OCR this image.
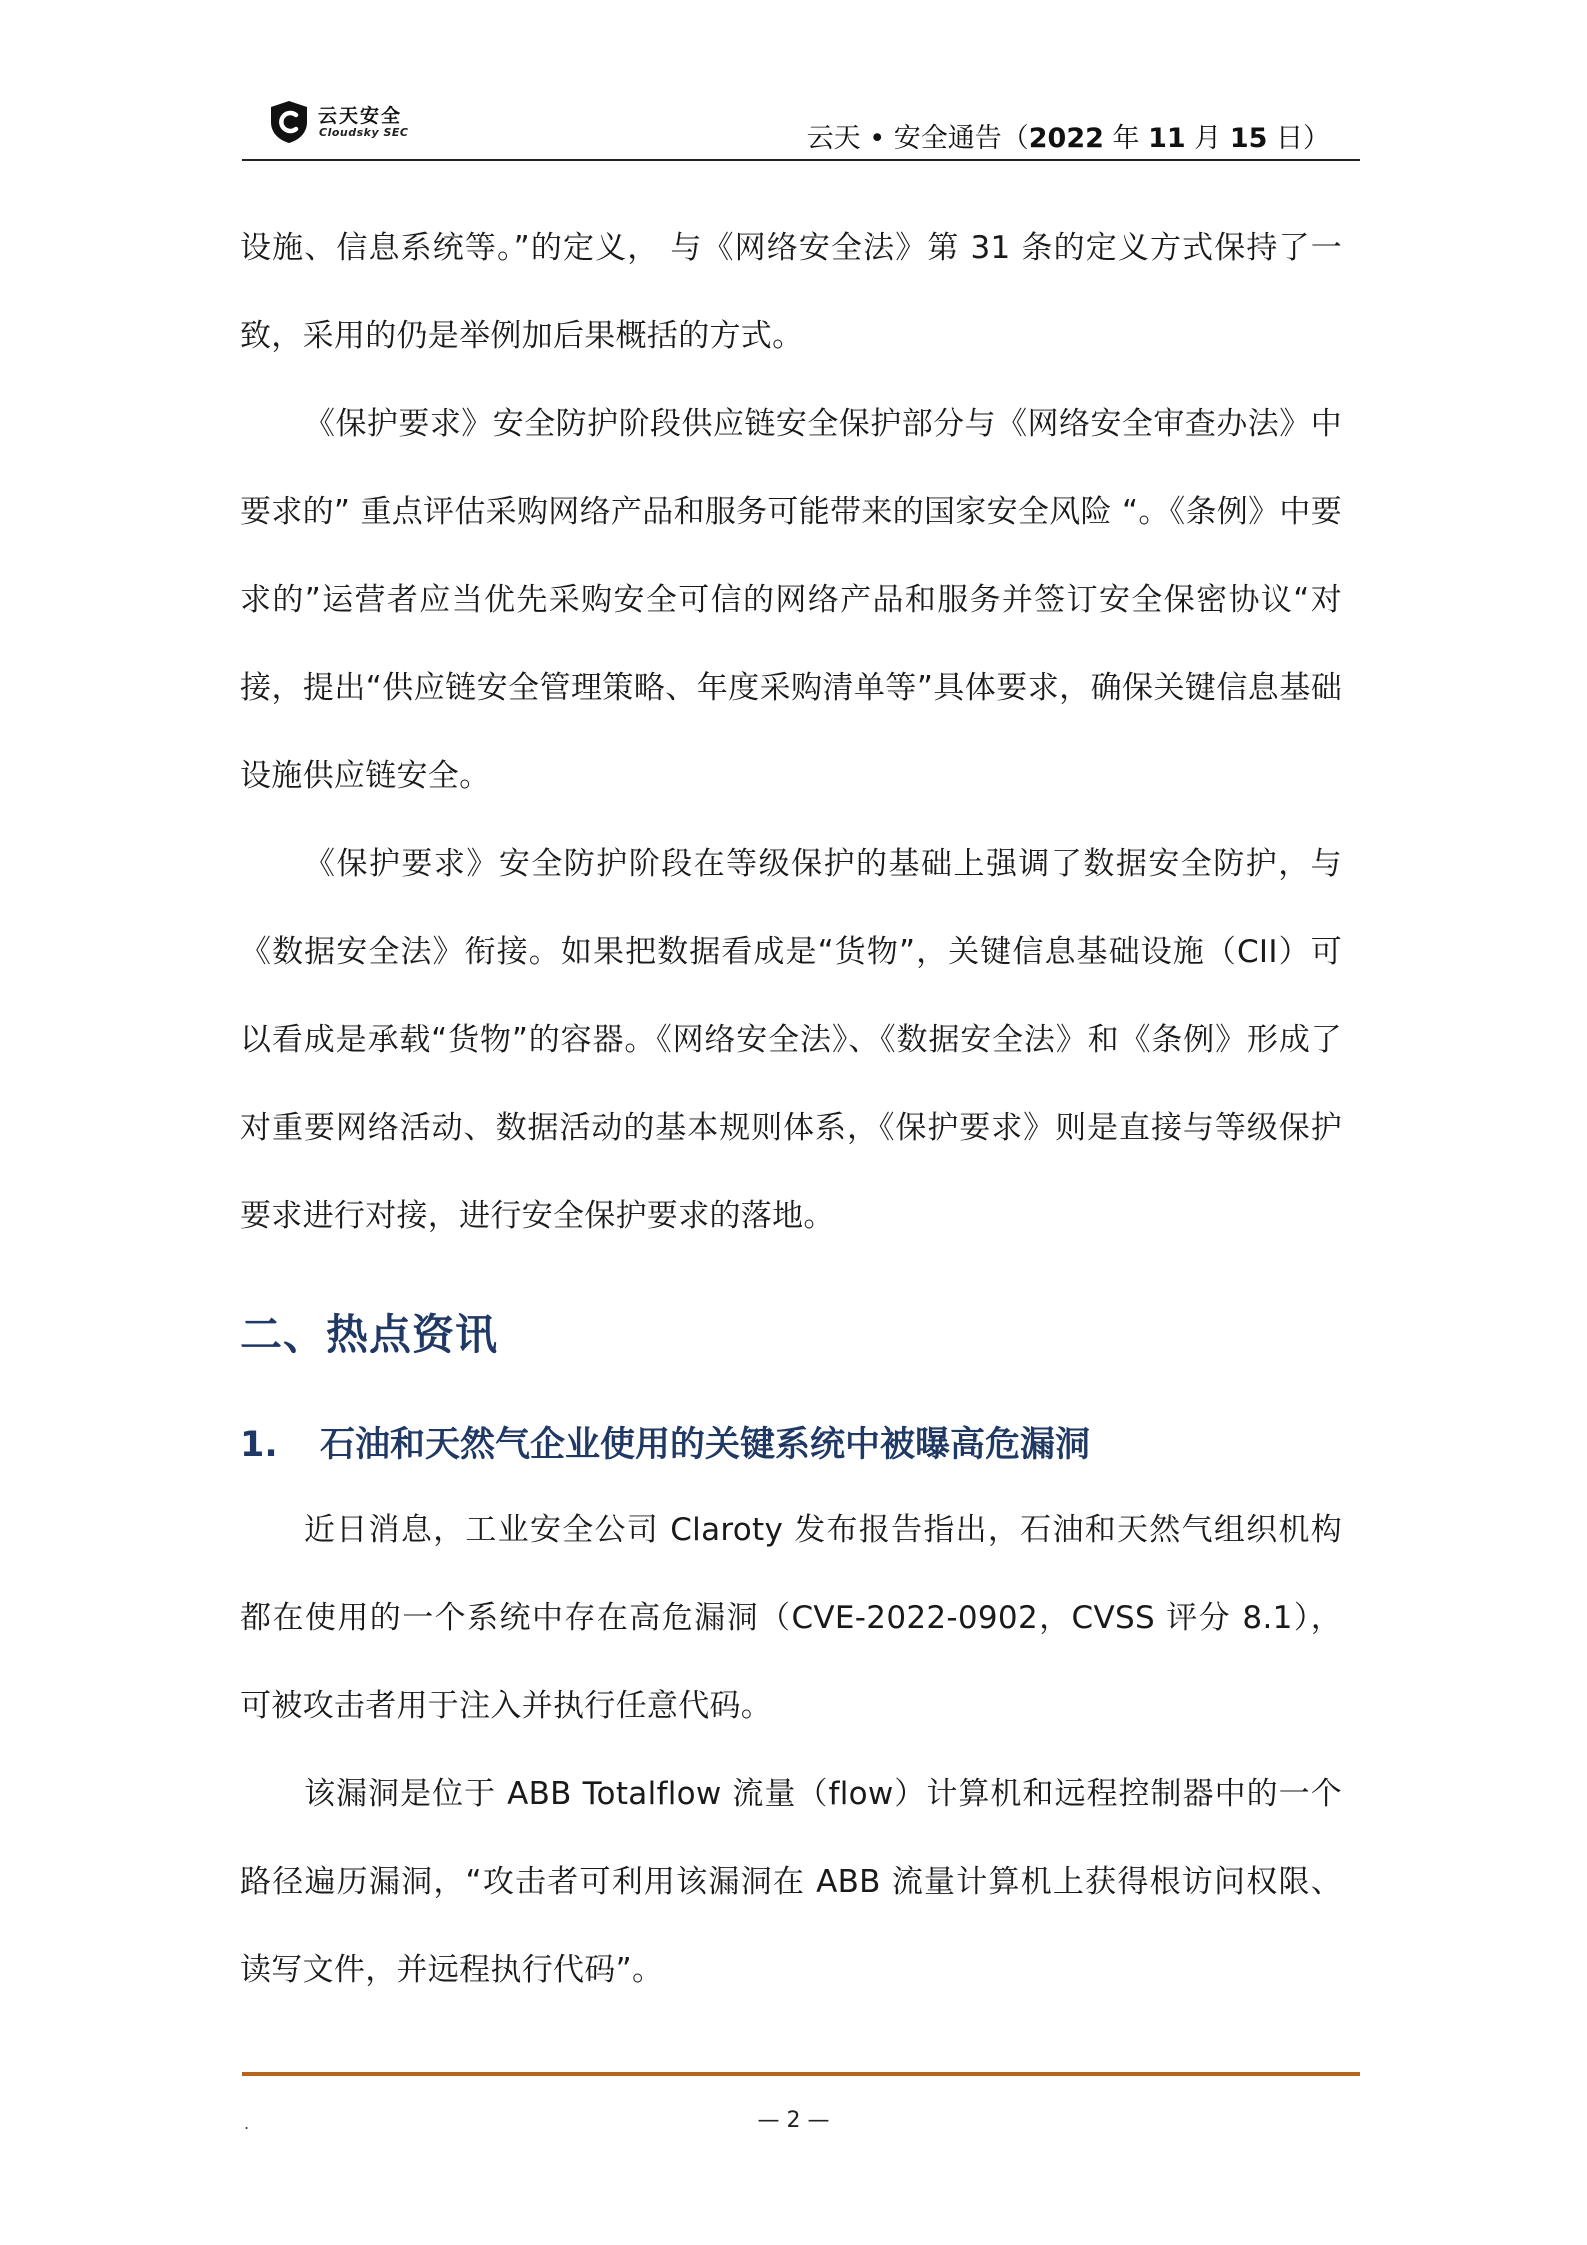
云天安全
Cloudsky SEC	云天 • 安全通告（2022 年 11 月 15 日）

设施、信息系统等。”的定义， 与《网络安全法》第 31 条的定义方式保持了一致，采用的仍是举例加后果概括的方式。

《保护要求》安全防护阶段供应链安全保护部分与《网络安全审查办法》中要求的” 重点评估采购网络产品和服务可能带来的国家安全风险 “。《条例》中要求的”运营者应当优先采购安全可信的网络产品和服务并签订安全保密协议“对接，提出“供应链安全管理策略、年度采购清单等”具体要求，确保关键信息基础设施供应链安全。

《保护要求》安全防护阶段在等级保护的基础上强调了数据安全防护，与《数据安全法》衔接。如果把数据看成是“货物”，关键信息基础设施（CII）可以看成是承载“货物”的容器。《网络安全法》、《数据安全法》和《条例》形成了对重要网络活动、数据活动的基本规则体系，《保护要求》则是直接与等级保护要求进行对接，进行安全保护要求的落地。

二、热点资讯
1. 石油和天然气企业使用的关键系统中被曝高危漏洞

近日消息，工业安全公司 Claroty 发布报告指出，石油和天然气组织机构都在使用的一个系统中存在高危漏洞（CVE-2022-0902，CVSS 评分 8.1），可被攻击者用于注入并执行任意代码。

该漏洞是位于 ABB Totalflow 流量（flow）计算机和远程控制器中的一个路径遍历漏洞，“攻击者可利用该漏洞在 ABB 流量计算机上获得根访问权限、读写文件，并远程执行代码”。

.	— 2 —
